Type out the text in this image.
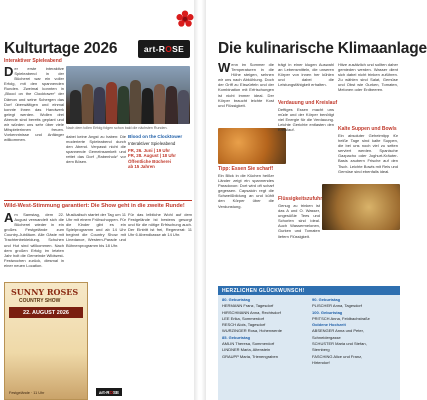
Kulturtage 2026	art-R O SE
Interaktiver Spieleabend
Der erste interaktive Spieleabend in der Bücherei war ein voller Erfolg, mit den spannenden Runden. Zweimal konnten in „Blood on the Clocktower“ der Dämon und seine Schergen das Dorf überwältigen und einmal konnte ihnen das Handwerk gelegt werden. Wollen drei Abende sind bereits geplant und wir würden uns sehr über viele Mitspielerinnen freuen. Vorkenntnisse und Anfänger willkommen.
Nach dem tollen Erfolg folgen schon bald die nächsten Runden.
dabei keine Angst zu haben: Die moderierte Spieleabend durch den Abend. Verpasst nicht die spannende Gemeinsamkeit und rettet das Dorf „Rabenholz“ vor dem Bösen.
Blood on the Clocktower
Interaktiver Spieleabend
FR, 26. Juni | 19 Uhr
FR, 28. August | 18 Uhr
Öffentliche Bücherei
ab 15 Jahren
Wild-West-Stimmung garantiert: Die Show geht in die zweite Runde!
Am Samstag, dem 22. August verwandelt sich die Bücherei wieder in ein großes Festgelände zum Country-Jubiläum. Alle Gäste mit Trachtenbekleidung, Schuhen und Hut sind willkommen. Nach dem großen Erfolg im letzten Jahr holt die Gemeinde Wildwest-Festwochen zurück, diesmal in einer neuen Location.
Musikalisch startet der Tag um 11 Uhr mit einem Frühschoppen. Für die Kinder gibt es ein Spielprogramm und ab 14 Uhr beginnt die Country Show mit Linedance, Western-Parade und Bühnenprogramm bis 18 Uhr.
Für das leibliche Wohl auf dem Festgelände ist bestens gesorgt und für die nötige Erfrischung auch. Der Eintritt ist frei, Regenerat: 11 Uhr 6 Abendkasse ab 14 Uhr.
SUNNY ROSES
COUNTRY SHOW
22. AUGUST 2026
Festgelände · 11 Uhr	art-R O SE
Die kulinarische Klimaanlage
Wenn im Sommer die Temperaturen in die Höhe steigen, sehnen wir uns nach Abkühlung. Doch der Griff zu Eiswürfeln und der Kombination mit Erfrischungen ist nicht immer ideal. Der Körper braucht leichte Kost und Flüssigkeit.
Tipp: Essen Sie scharf!
Ein Blick in die Küchen heißer Länder zeigt ein spannendes Paradoxon: Dort wird oft scharf gegessen. Capsaicin regt die Schweißbildung an und kühlt den Körper über die Verdunstung.
trägt in einer klugen Auswahl an Lebensmitteln, die unseren Körper von innen her kühlen und dabei die Leistungsfähigkeit erhalten.
Verdauung und Kreislauf
Deftiges Essen macht uns müde und der Körper benötigt viel Energie für die Verdauung. Leichte Gerichte entlasten den Kreislauf.
Flüssigkeitszufuhr
Genug zu trinken ist das A und O. Wasser, ungesüßte Tees und Schorlen sind ideal. Auch Wassermelonen, Gurken und Tomaten liefern Flüssigkeit.
Hitze zusätzlich und sollten daher gemieden werden. Wasser dient sich dabei nicht trinken zuführen. Zu wählen sind Salat, Gemüse und Obst wie Gurken, Tomaten, Melonen oder Erdbeeren.
Kalte Suppen und Bowls
Ein absoluter Geheimtipp für heiße Tage sind kalte Suppen, die bei uns noch viel zu selten serviert werden. Spanische Gazpacho oder Joghurt-Kräuter-Basis zaubern Frische auf den Tisch. Leichte Bowls mit Reis und Gemüse sind ebenfalls ideal.
HERZLICHEN GLÜCKWUNSCH!
80. Geburtstag
HERMANN Franz, Tagesdorf
HIRSCHMANN Anna, Rechtsdorf
LEE Erika, Sommerdorf
RESCH Alois, Tagesdorf
WURZINGER Rosa, Hohenwerde
85. Geburtstag
AMLIN Theresa, Sommerdorf
LINDNER Maria, Altenstein
GRAUPP Maria, Trienengraben
90. Geburtstag
PLISCHER Anna, Tagesdorf
100. Geburtstag
PRITSCH Anna, Feldbachstraße
Goldene Hochzeit
ABSENGER Anna und Peter,
Schneidergasse
SCHUSTER Maria und Stefan,
Sternberg
FASCHING Alice und Franz,
Hirtendorf
